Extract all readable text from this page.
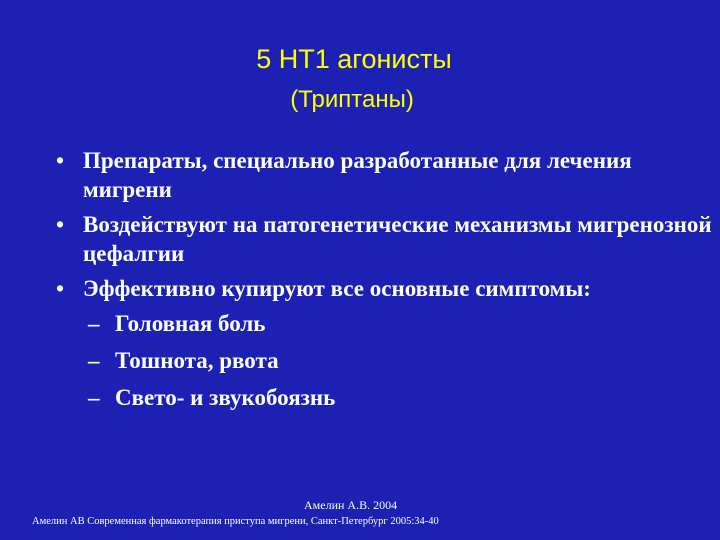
5 HT1 агонисты
(Триптаны)
• Препараты, специально разработанные для лечения мигрени
• Воздействуют на патогенетические механизмы мигренозной цефалгии
• Эффективно купируют все основные симптомы:
– Головная боль
– Тошнота, рвота
– Свето- и звукобоязнь
Амелин А.В. 2004
Амелин АВ Современная фармакотерапия приступа мигрени, Санкт-Петербург 2005:34-40
